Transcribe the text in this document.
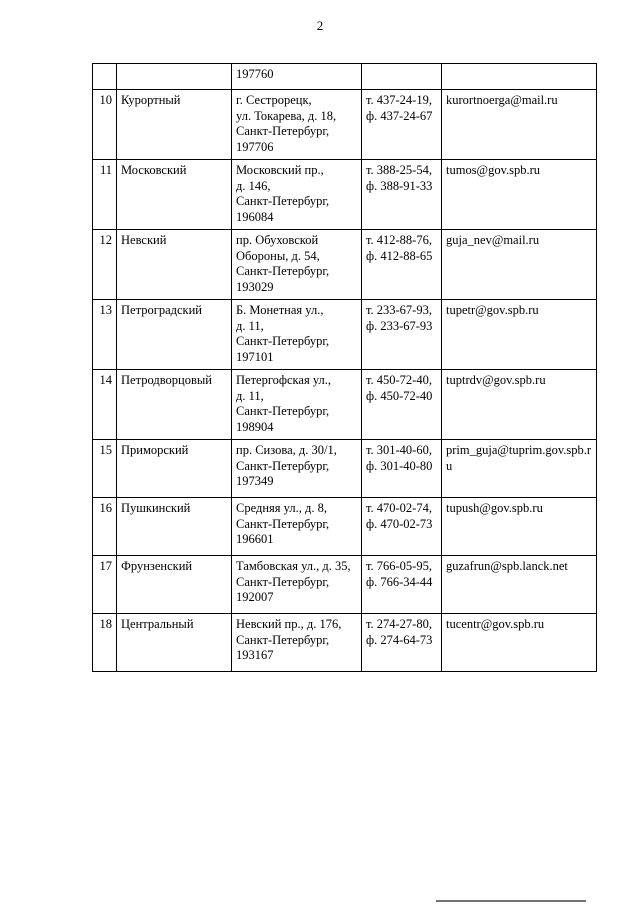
2

		197760		

10	Курортный	г. Сестрорецк,
ул. Токарева, д. 18,
Санкт-Петербург,
197706	т. 437-24-19,
ф. 437-24-67	kurortnoerga@mail.ru
11	Московский	Московский пр.,
д. 146,
Санкт-Петербург,
196084	т. 388-25-54,
ф. 388-91-33	tumos@gov.spb.ru
12	Невский	пр. Обуховской
Обороны, д. 54,
Санкт-Петербург,
193029	т. 412-88-76,
ф. 412-88-65	guja_nev@mail.ru
13	Петроградский	Б. Монетная ул.,
д. 11,
Санкт-Петербург,
197101	т. 233-67-93,
ф. 233-67-93	tupetr@gov.spb.ru
14	Петродворцовый	Петергофская ул.,
д. 11,
Санкт-Петербург,
198904	т. 450-72-40,
ф. 450-72-40	tuptrdv@gov.spb.ru
15	Приморский	пр. Сизова, д. 30/1,
Санкт-Петербург,
197349	т. 301-40-60,
ф. 301-40-80	prim_guja@tuprim.gov.spb.ru
16	Пушкинский	Средняя ул., д. 8,
Санкт-Петербург,
196601	т. 470-02-74,
ф. 470-02-73	tupush@gov.spb.ru
17	Фрунзенский	Тамбовская ул., д. 35,
Санкт-Петербург,
192007	т. 766-05-95,
ф. 766-34-44	guzafrun@spb.lanck.net
18	Центральный	Невский пр., д. 176,
Санкт-Петербург,
193167	т. 274-27-80,
ф. 274-64-73	tucentr@gov.spb.ru
